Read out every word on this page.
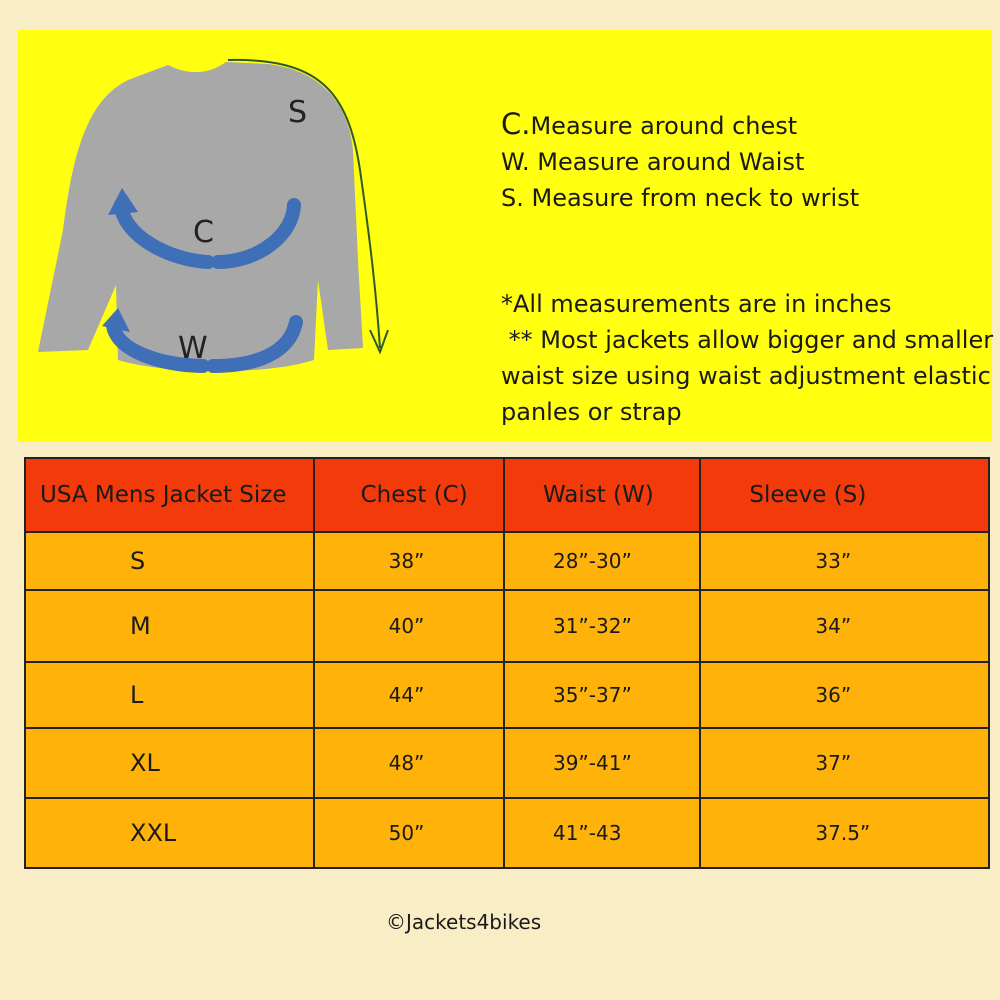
S
C
W
C.Measure around chest
W. Measure around Waist
S. Measure from neck to wrist
*All measurements are in inches
** Most jackets allow bigger and smaller
waist size using waist adjustment elastic
panles or strap
USA Mens Jacket Size	Chest (C)	Waist (W)	Sleeve (S)
S	38”	28”-30”	33”
M	40”	31”-32”	34”
L	44”	35”-37”	36”
XL	48”	39”-41”	37”
XXL	50”	41”-43	37.5”
©Jackets4bikes
